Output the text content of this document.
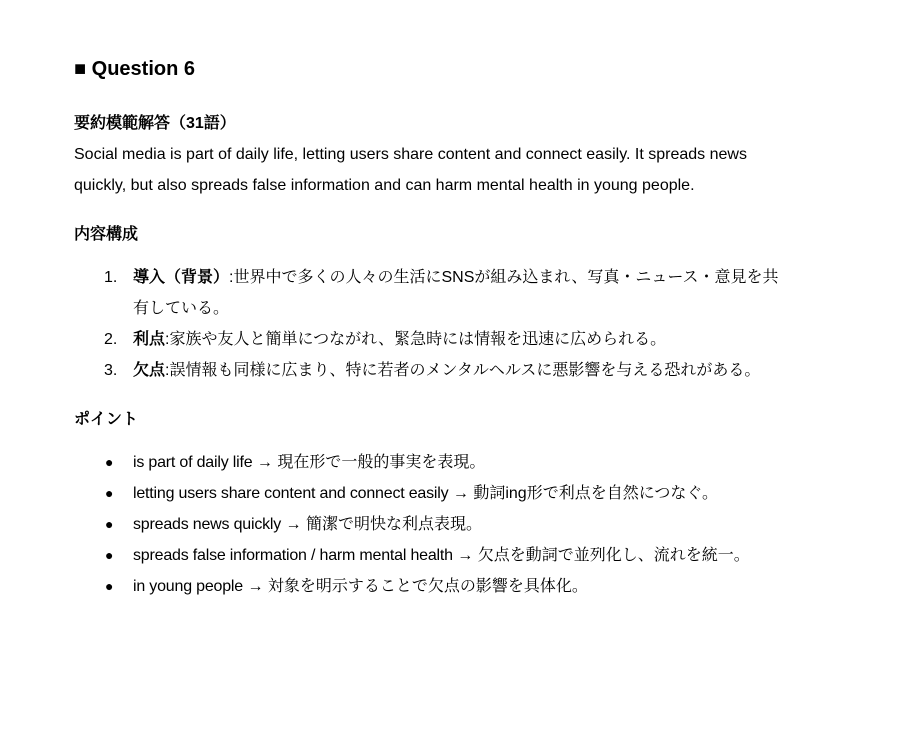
■ Question 6

要約模範解答（31語）

Social media is part of daily life, letting users share content and connect easily. It spreads news quickly, but also spreads false information and can harm mental health in young people.

内容構成

1. 導入（背景）:世界中で多くの人々の生活にSNSが組み込まれ、写真・ニュース・意見を共有している。
2. 利点:家族や友人と簡単につながれ、緊急時には情報を迅速に広められる。
3. 欠点:誤情報も同様に広まり、特に若者のメンタルヘルスに悪影響を与える恐れがある。

ポイント

● is part of daily life → 現在形で一般的事実を表現。
● letting users share content and connect easily → 動詞ing形で利点を自然につなぐ。
● spreads news quickly → 簡潔で明快な利点表現。
● spreads false information / harm mental health → 欠点を動詞で並列化し、流れを統一。
● in young people → 対象を明示することで欠点の影響を具体化。
